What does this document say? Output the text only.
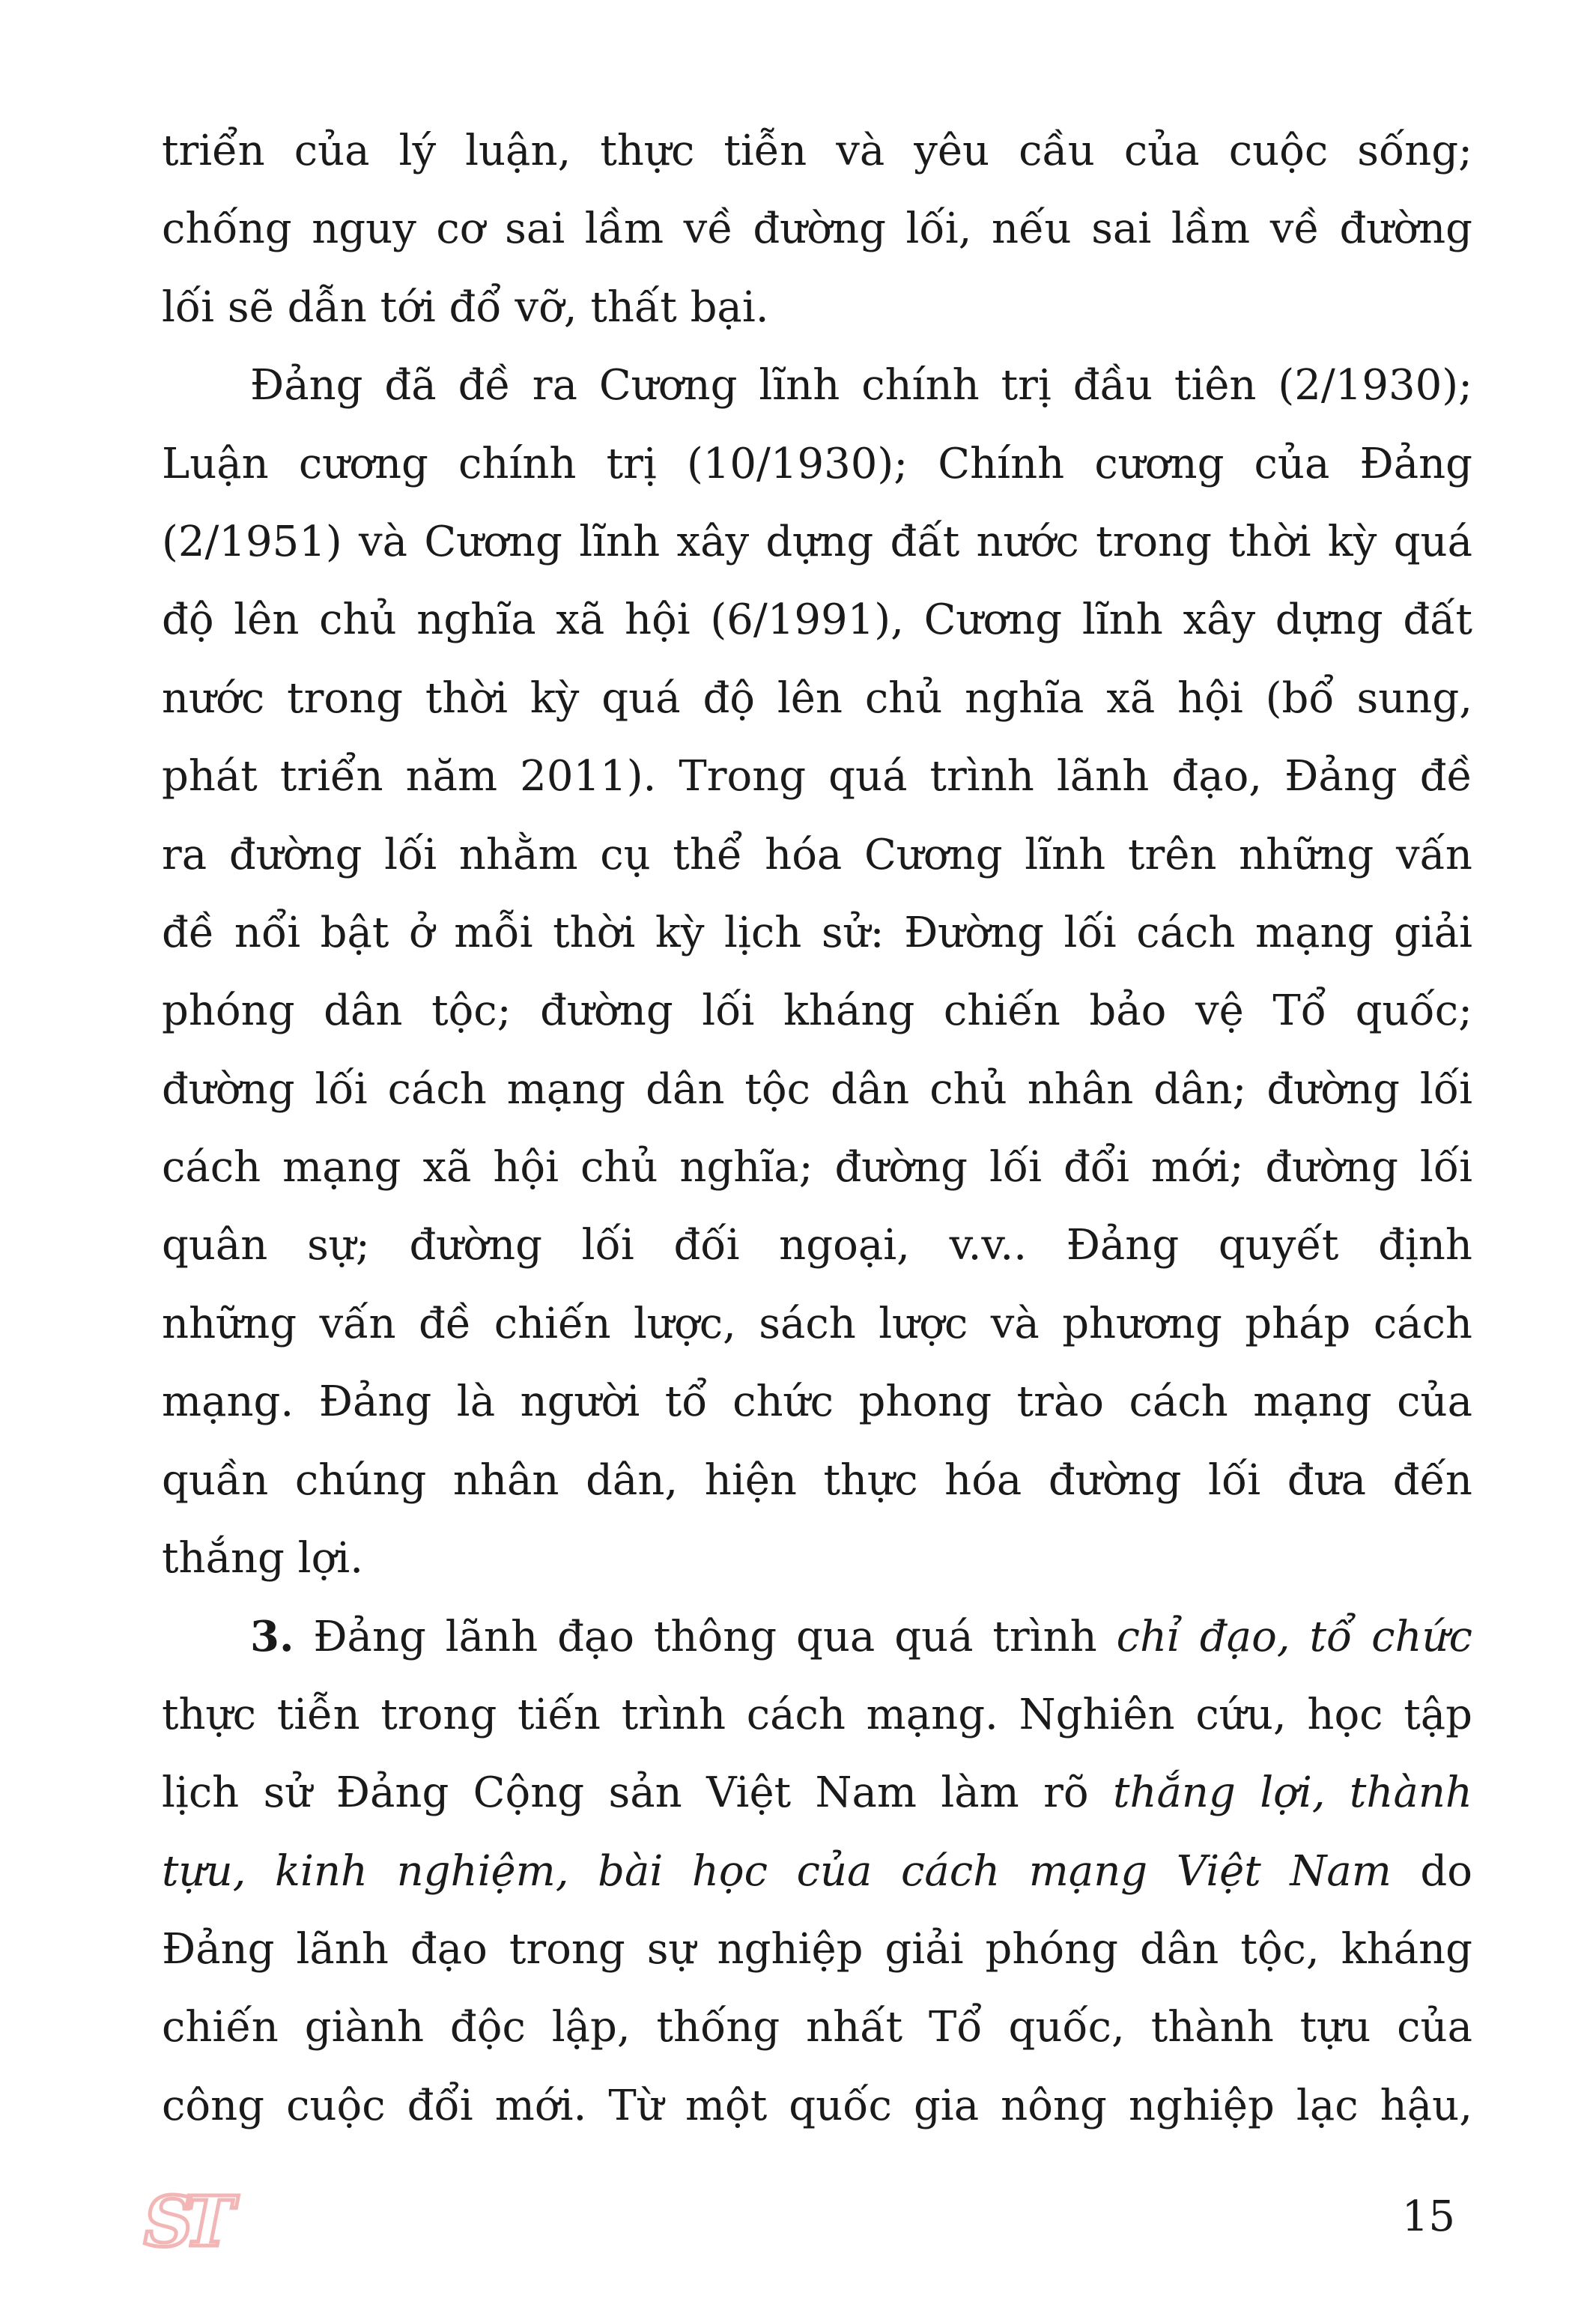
triển của lý luận, thực tiễn và yêu cầu của cuộc sống;
chống nguy cơ sai lầm về đường lối, nếu sai lầm về đường
lối sẽ dẫn tới đổ vỡ, thất bại.
Đảng đã đề ra Cương lĩnh chính trị đầu tiên (2/1930);
Luận cương chính trị (10/1930); Chính cương của Đảng
(2/1951) và Cương lĩnh xây dựng đất nước trong thời kỳ quá
độ lên chủ nghĩa xã hội (6/1991), Cương lĩnh xây dựng đất
nước trong thời kỳ quá độ lên chủ nghĩa xã hội (bổ sung,
phát triển năm 2011). Trong quá trình lãnh đạo, Đảng đề
ra đường lối nhằm cụ thể hóa Cương lĩnh trên những vấn
đề nổi bật ở mỗi thời kỳ lịch sử: Đường lối cách mạng giải
phóng dân tộc; đường lối kháng chiến bảo vệ Tổ quốc;
đường lối cách mạng dân tộc dân chủ nhân dân; đường lối
cách mạng xã hội chủ nghĩa; đường lối đổi mới; đường lối
quân sự; đường lối đối ngoại, v.v.. Đảng quyết định
những vấn đề chiến lược, sách lược và phương pháp cách
mạng. Đảng là người tổ chức phong trào cách mạng của
quần chúng nhân dân, hiện thực hóa đường lối đưa đến
thắng lợi.
3. Đảng lãnh đạo thông qua quá trình chỉ đạo, tổ chức
thực tiễn trong tiến trình cách mạng. Nghiên cứu, học tập
lịch sử Đảng Cộng sản Việt Nam làm rõ thắng lợi, thành
tựu, kinh nghiệm, bài học của cách mạng Việt Nam do
Đảng lãnh đạo trong sự nghiệp giải phóng dân tộc, kháng
chiến giành độc lập, thống nhất Tổ quốc, thành tựu của
công cuộc đổi mới. Từ một quốc gia nông nghiệp lạc hậu,
ST	15
